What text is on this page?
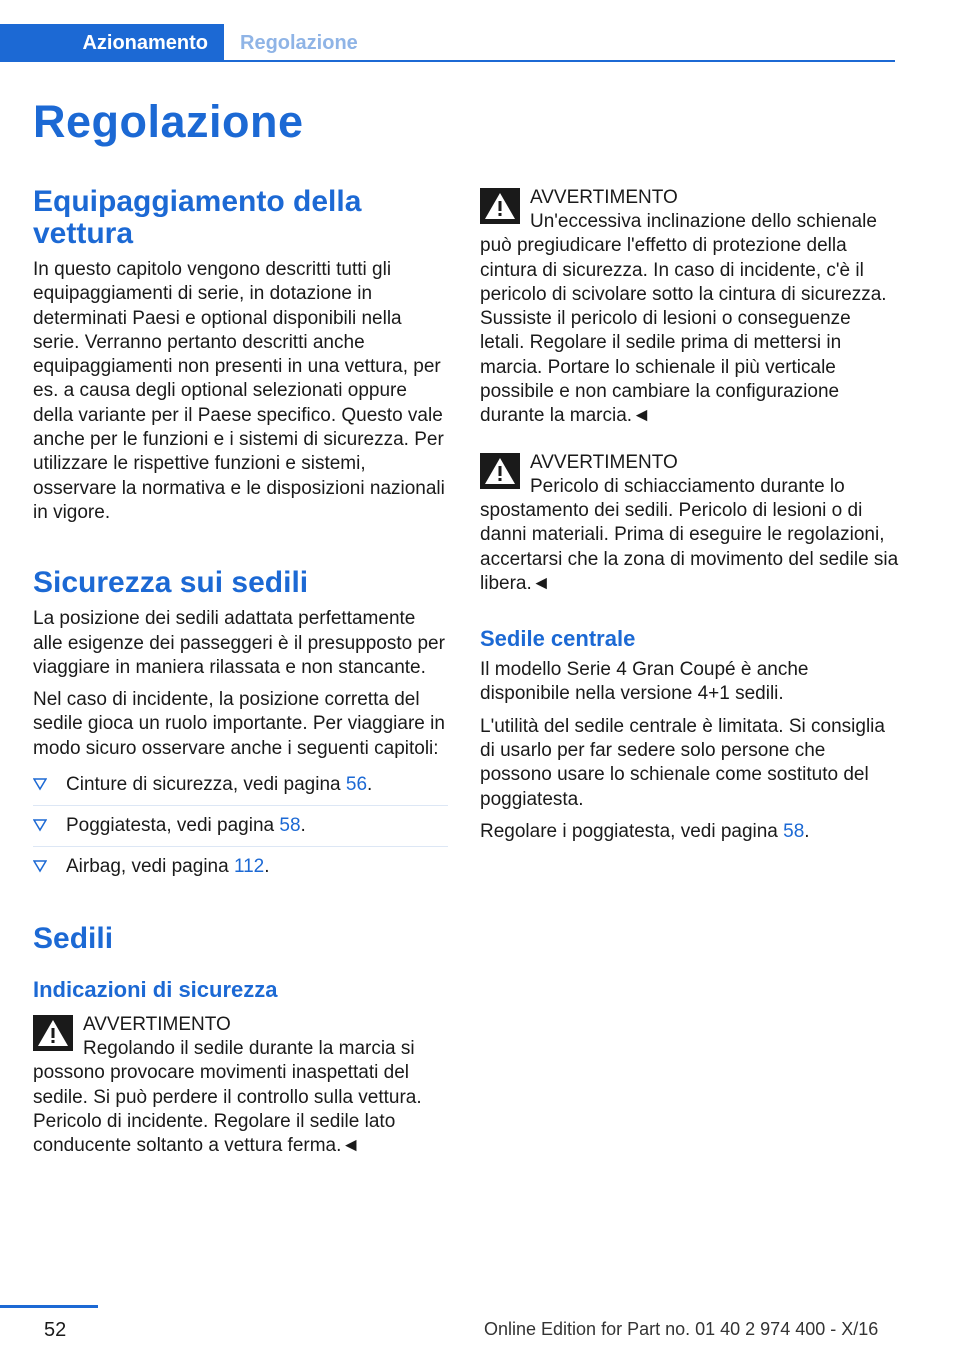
Azionamento	Regolazione
Regolazione
Equipaggiamento della vettura

In questo capitolo vengono descritti tutti gli equipaggiamenti di serie, in dotazione in determinati Paesi e optional disponibili nella serie. Verranno pertanto descritti anche equipaggiamenti non presenti in una vettura, per es. a causa degli optional selezionati oppure della variante per il Paese specifico. Questo vale anche per le funzioni e i sistemi di sicurezza. Per utilizzare le rispettive funzioni e sistemi, osservare la normativa e le disposizioni nazionali in vigore.

Sicurezza sui sedili

La posizione dei sedili adattata perfettamente alle esigenze dei passeggeri è il presupposto per viaggiare in maniera rilassata e non stancante.

Nel caso di incidente, la posizione corretta del sedile gioca un ruolo importante. Per viaggiare in modo sicuro osservare anche i seguenti capitoli:

Cinture di sicurezza, vedi pagina 56.
Poggiatesta, vedi pagina 58.
Airbag, vedi pagina 112.
Sedili
Indicazioni di sicurezza
AVVERTIMENTO

Regolando il sedile durante la marcia si possono provocare movimenti inaspettati del sedile. Si può perdere il controllo sulla vettura. Pericolo di incidente. Regolare il sedile lato conducente soltanto a vettura ferma.◄

AVVERTIMENTO

Un'eccessiva inclinazione dello schienale può pregiudicare l'effetto di protezione della cintura di sicurezza. In caso di incidente, c'è il pericolo di scivolare sotto la cintura di sicurezza. Sussiste il pericolo di lesioni o conseguenze letali. Regolare il sedile prima di mettersi in marcia. Portare lo schienale il più verticale possibile e non cambiare la configurazione durante la marcia.◄

AVVERTIMENTO

Pericolo di schiacciamento durante lo spostamento dei sedili. Pericolo di lesioni o di danni materiali. Prima di eseguire le regolazioni, accertarsi che la zona di movimento del sedile sia libera.◄

Sedile centrale

Il modello Serie 4 Gran Coupé è anche disponibile nella versione 4+1 sedili.

L'utilità del sedile centrale è limitata. Si consiglia di usarlo per far sedere solo persone che possono usare lo schienale come sostituto del poggiatesta.

Regolare i poggiatesta, vedi pagina 58.

52	Online Edition for Part no. 01 40 2 974 400 - X/16
